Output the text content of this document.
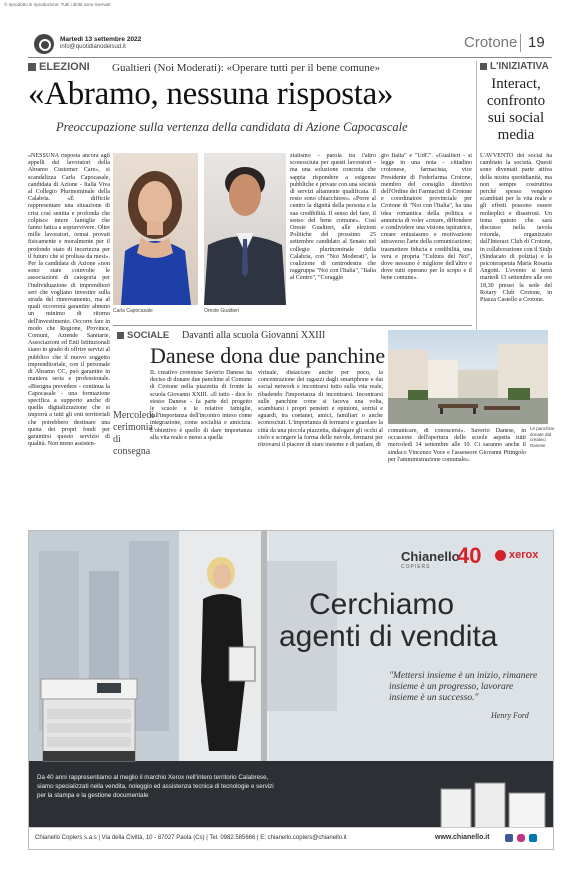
© riprodotto le riproduzione. Tutti i diritti sono riservati
Martedì 13 settembre 2022
info@quotidianodelsud.it	Crotone 19
ELEZIONI Gualtieri (Noi Moderati): «Operare tutti per il bene comune»
«Abramo, nessuna risposta»
Preoccupazione sulla vertenza della candidata di Azione Capocascale
L'INIZIATIVA
Interact, confronto sui social media
L'AVVENTO dei social ha cambiato la società. Questi sono diventati parte attiva della nostra quotidianità, ma non sempre costruttiva perché spesso vengono scambiati per la vita reale e gli effetti possono essere molteplici e disastrosi. Un tema questo che sarà discusso nella tavola rotonda, organizzato dall'Interact Club di Crotone, in collaborazione con il Siulp (Sindacato di polizia) e la psicoterapeuta Maria Rosaria Angotti. L'evento si terrà martedì 13 settembre alle ore 18,30 presso la sede del Rotary Club Crotone, in Piazza Castello a Crotone.
«NESSUNA risposta ancora agli appelli dei lavoratori della Abramo Customer Care», si scandalizza Carla Capocasale, candidata di Azione - Italia Viva al Collegio Plurinominale della Calabria. «È difficile rappresentare una situazione di crisi così sentita e profonda che colpisce intere famiglie che fanno fatica a sopravvivere. Oltre mille lavoratori, ormai provati fisicamente e moralmente per il profondo stato di incertezza per il futuro che si prolissa da mesi». Per la candidata di Azione «non sono state coinvolte le associazioni di categoria per l'individuazione di imprenditori seri che vogliano investire sulla strada del rinnovamento, ma al quali occorrerà garantire almeno un minimo di ritorno dell'investimento. Occorre fare in modo che Regione, Province, Comuni, Aziende Sanitarie, Associazioni ed Enti Istituzionali siano in grado di offrire servizi al pubblico che il nuovo soggetto imprenditoriale, con il personale di Abramo CC, può garantire in maniera seria e professionale. «Bisogna prevedere - continua la Capocasale - una formazione specifica a supporto anche di quella digitalizzazione che si imporrà a tutti gli enti territoriali che potrebbero destinare una quota dei propri fondi per garantirsi questo servizio di qualità. Non meno assisten-
Carla Capocasale	Oreste Gualtieri
zialismo - parola tra l'altro sconosciuta per questi lavoratori - ma una soluzione concreta che sappia rispondere a esigenze pubbliche e private con una società di servizi altamente qualificata. Il resto sono chiacchiere». «Porre al centro la dignità della persona e la sua credibilità. Il senso del fare, il senso del bene comune». Così Oreste Gualtieri, alle elezioni Politiche del prossimo 25 settembre candidato al Senato nel collegio plurinominale della Calabria, con "Noi Moderati", la coalizione di centrodestra che raggruppa "Noi con l'Italia", "Italia al Centro", "Coraggio
gio Italia" e "UdC". «Gualtieri - si legge in una nota - cittadino crotonese, farmacista, vice Presidente di Federfarma Crotone, membro del consiglio direttivo dell'Ordine dei Farmacisti di Crotone e coordinatore provinciale per Crotone di "Noi con l'Italia", ha una idea romantica della politica e annuncia di voler «creare, diffondere e condividere una visione ispiratrice, creare entusiasmo e motivazione attraverso l'arte della comunicazione; trasmettere fiducia e credibilità, una vera e propria "Cultura del Noi", dove nessuno è migliore dell'altro e dove tutti operano per lo scopo e il bene comune».
SOCIALE Davanti alla scuola Giovanni XXIII
Danese dona due panchine
Le panchine donate dal creativo Danese
IL creativo crotonese Saverio Danese ha deciso di donare due panchine al Comune di Crotone nella piazzetta di fronte la scuola Giovanni XXIII. «Il tutto - dice lo stesso Danese - fa parte del progetto
Mercoledì cerimonia di consegna
le scuole e le relative famiglie, sull'importanza dell'incontro inteso come integrazione, come socialità e amicizia. L'obiettivo è quello di dare importanza alla vita reale e meno a quella
virtuale, distaccare anche per poco, la concentrazione dei ragazzi dagli smartphone e dai social network e incontrarsi tutto sulla vita reale, ribadendo l'importanza di incontrarsi. Incontrarsi sulle panchine come si faceva una volta, scambiarsi i propri pensieri e opinioni, sorrisi e sguardi, tra coetanei, amici, familiari o anche sconosciuti. L'importanza di fermarsi e guardare la città da una piccola piazzetta, dialogare gli occhi al cielo e scorgere la forma delle nuvole, fermarsi per ritrovarsi il piacere di stare insieme e di parlare, di
comunicare, di conoscersi». Saverio Danese, in occasione dell'apertura delle scuole aspetta tutti mercoledì 14 settembre alle 10. Ci saranno anche il sindaco Vincenzo Voce e l'assessore Giovanni Pitingolo per l'amministrazione comunale».
Chianello
COPIERS	40	xerox
Cerchiamo
agenti di vendita
"Mettersi insieme è un inizio, rimanere insieme è un progresso, lavorare insieme è un successo."
Henry Ford
Da 40 anni rappresentiamo al meglio il marchio Xerox nell'intero territorio Calabrese,
siamo specializzati nella vendita, noleggio ed assistenza tecnica di tecnologie e servizi
per la stampa e la gestione documentale
Chianello Copiers s.a.s | Via della Civiltà, 10 - 87027 Paola (Cs) | Tel. 0982.585666 | E: chianello.copiers@chianello.it	www.chianello.it
